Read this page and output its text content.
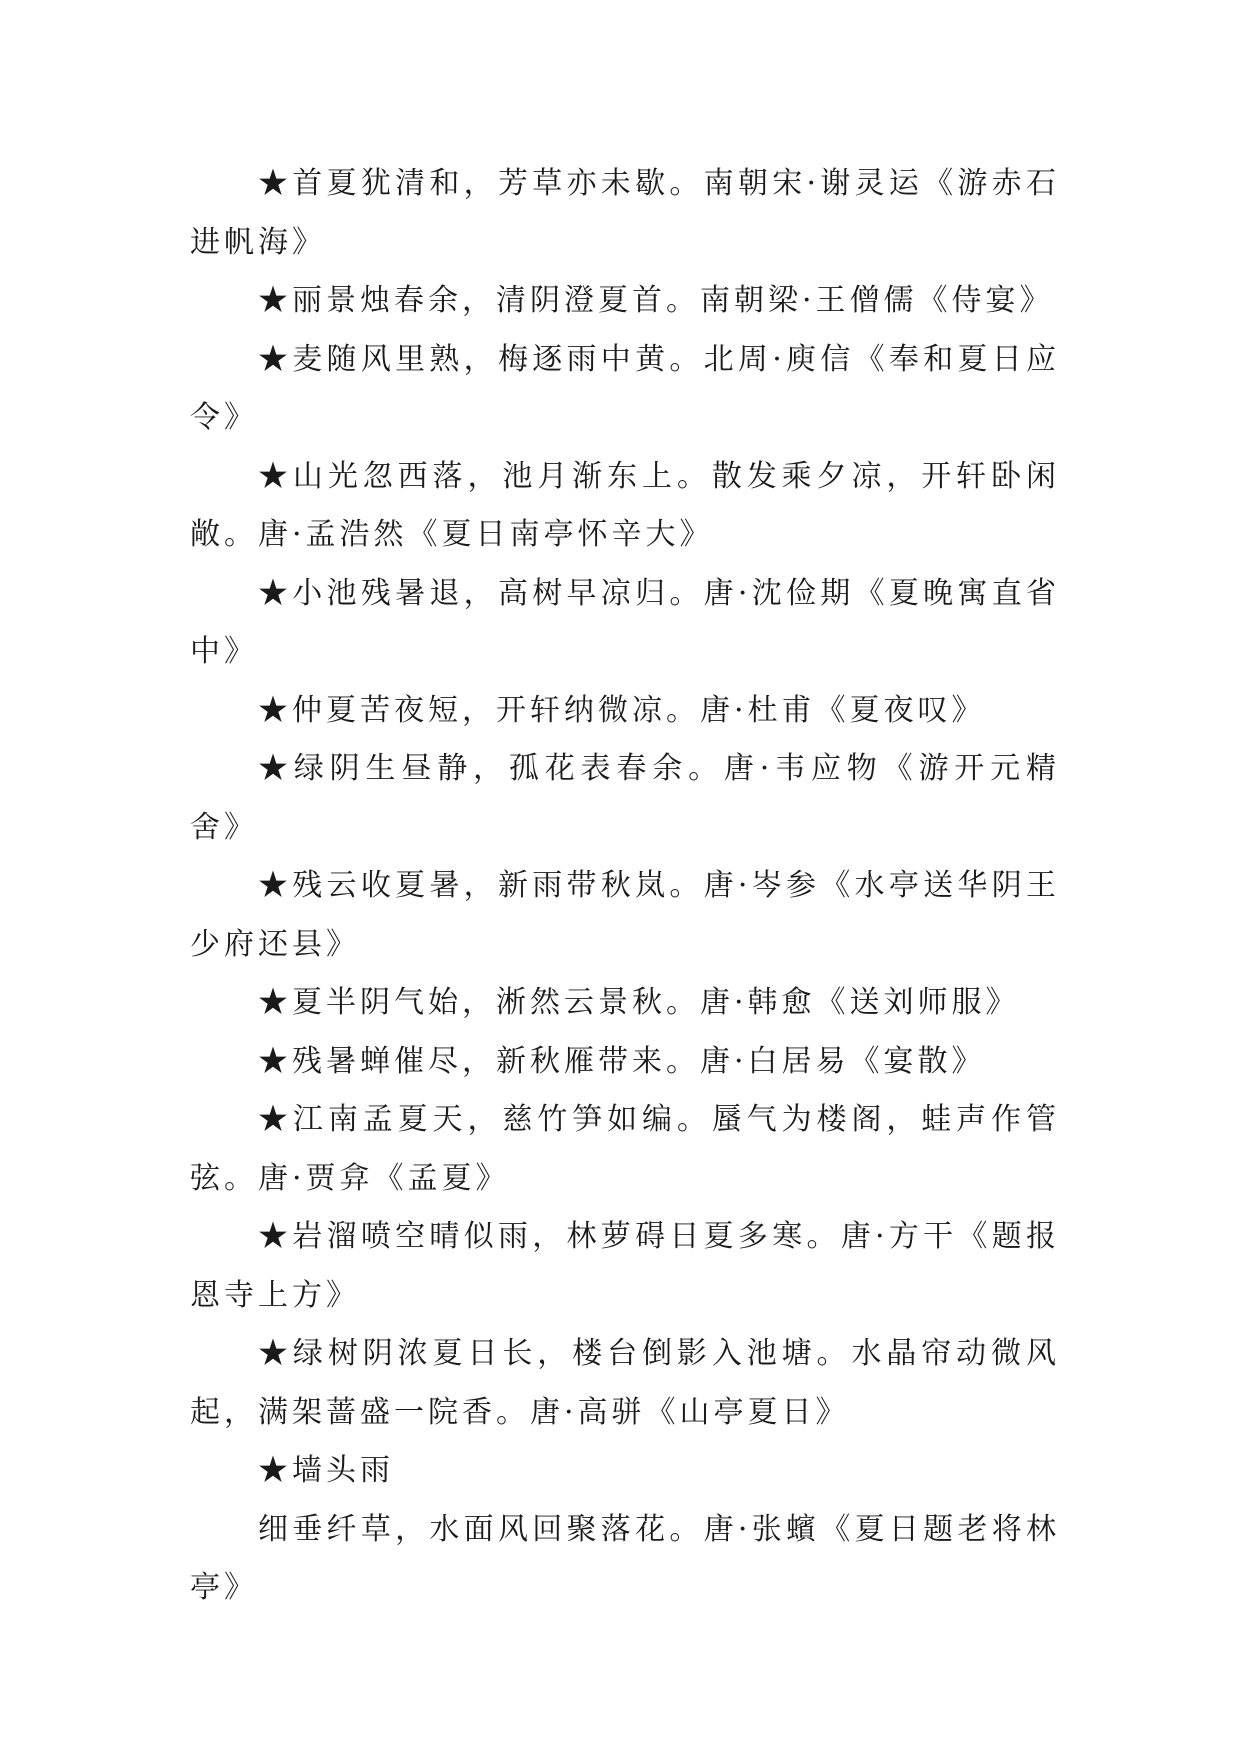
★首夏犹清和，芳草亦未歇。南朝宋·谢灵运《游赤石进帆海》

★丽景烛春余，清阴澄夏首。南朝梁·王僧儒《侍宴》

★麦随风里熟，梅逐雨中黄。北周·庾信《奉和夏日应令》

★山光忽西落，池月渐东上。散发乘夕凉，开轩卧闲敞。唐·孟浩然《夏日南亭怀辛大》

★小池残暑退，高树早凉归。唐·沈俭期《夏晚寓直省中》

★仲夏苦夜短，开轩纳微凉。唐·杜甫《夏夜叹》

★绿阴生昼静，孤花表春余。唐·韦应物《游开元精舍》

★残云收夏暑，新雨带秋岚。唐·岑参《水亭送华阴王少府还县》

★夏半阴气始，淅然云景秋。唐·韩愈《送刘师服》

★残暑蝉催尽，新秋雁带来。唐·白居易《宴散》

★江南孟夏天，慈竹笋如编。蜃气为楼阁，蛙声作管弦。唐·贾弇《孟夏》

★岩溜喷空晴似雨，林萝碍日夏多寒。唐·方干《题报恩寺上方》

★绿树阴浓夏日长，楼台倒影入池塘。水晶帘动微风起，满架蔷盛一院香。唐·高骈《山亭夏日》

★墙头雨

细垂纤草，水面风回聚落花。唐·张蠙《夏日题老将林亭》
